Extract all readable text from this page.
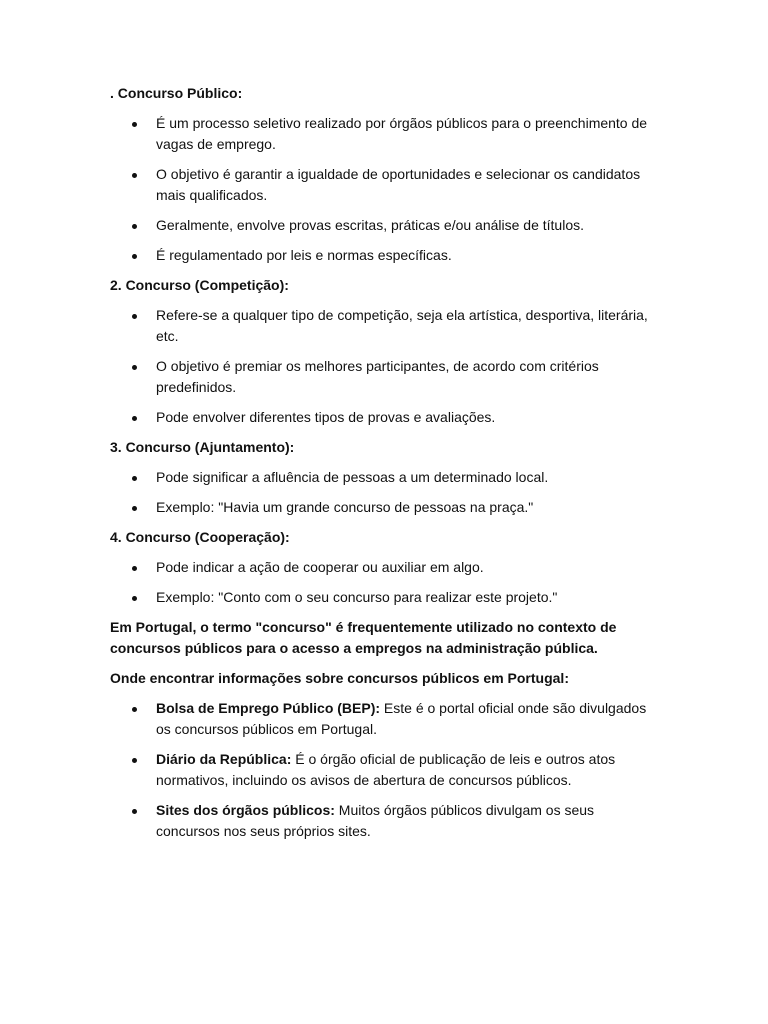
. Concurso Público:
É um processo seletivo realizado por órgãos públicos para o preenchimento de vagas de emprego.
O objetivo é garantir a igualdade de oportunidades e selecionar os candidatos mais qualificados.
Geralmente, envolve provas escritas, práticas e/ou análise de títulos.
É regulamentado por leis e normas específicas.
2. Concurso (Competição):
Refere-se a qualquer tipo de competição, seja ela artística, desportiva, literária, etc.
O objetivo é premiar os melhores participantes, de acordo com critérios predefinidos.
Pode envolver diferentes tipos de provas e avaliações.
3. Concurso (Ajuntamento):
Pode significar a afluência de pessoas a um determinado local.
Exemplo: "Havia um grande concurso de pessoas na praça."
4. Concurso (Cooperação):
Pode indicar a ação de cooperar ou auxiliar em algo.
Exemplo: "Conto com o seu concurso para realizar este projeto."
Em Portugal, o termo "concurso" é frequentemente utilizado no contexto de concursos públicos para o acesso a empregos na administração pública.
Onde encontrar informações sobre concursos públicos em Portugal:
Bolsa de Emprego Público (BEP): Este é o portal oficial onde são divulgados os concursos públicos em Portugal.
Diário da República: É o órgão oficial de publicação de leis e outros atos normativos, incluindo os avisos de abertura de concursos públicos.
Sites dos órgãos públicos: Muitos órgãos públicos divulgam os seus concursos nos seus próprios sites.
